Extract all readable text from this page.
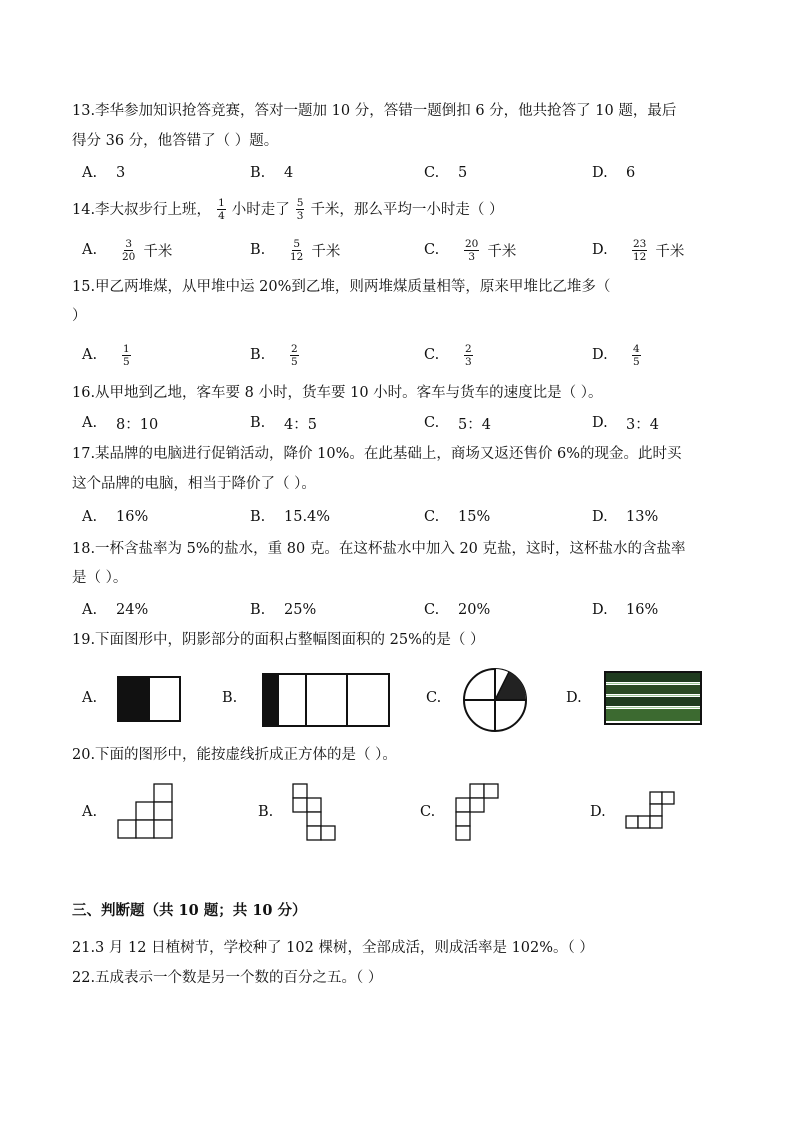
13.李华参加知识抢答竞赛，答对一题加 10 分，答错一题倒扣 6 分，他共抢答了 10 题，最后
得分 36 分，他答错了（ ）题。
A.	3	B.	4	C.	5	D.	6
14.李大叔步行上班， $\frac{1}{4}$ 小时走了 $\frac{5}{3}$ 千米，那么平均一小时走（ ）
A.	$\frac{3}{20}$ 千米	B.	$\frac{5}{12}$ 千米	C.	$\frac{20}{3}$ 千米	D.	$\frac{23}{12}$ 千米
15.甲乙两堆煤，从甲堆中运 20%到乙堆，则两堆煤质量相等，原来甲堆比乙堆多（
）
A.	$\frac{1}{5}$	B.	$\frac{2}{5}$	C.	$\frac{2}{3}$	D.	$\frac{4}{5}$
16.从甲地到乙地，客车要 8 小时，货车要 10 小时。客车与货车的速度比是（ ）。
A.	8：10	B.	4：5	C.	5：4	D.	3：4
17.某品牌的电脑进行促销活动，降价 10%。在此基础上，商场又返还售价 6%的现金。此时买
这个品牌的电脑，相当于降价了（ ）。
A.	16%	B.	15.4%	C.	15%	D.	13%
18.一杯含盐率为 5%的盐水，重 80 克。在这杯盐水中加入 20 克盐，这时，这杯盐水的含盐率
是（ ）。
A.	24%	B.	25%	C.	20%	D.	16%
19.下面图形中，阴影部分的面积占整幅图面积的 25%的是（ ）
A.	B.	C.	D.
20.下面的图形中，能按虚线折成正方体的是（ ）。
A.	B.	C.	D.
三、判断题（共 10 题；共 10 分）
21.3 月 12 日植树节，学校种了 102 棵树，全部成活，则成活率是 102%。（ ）
22.五成表示一个数是另一个数的百分之五。（ ）
